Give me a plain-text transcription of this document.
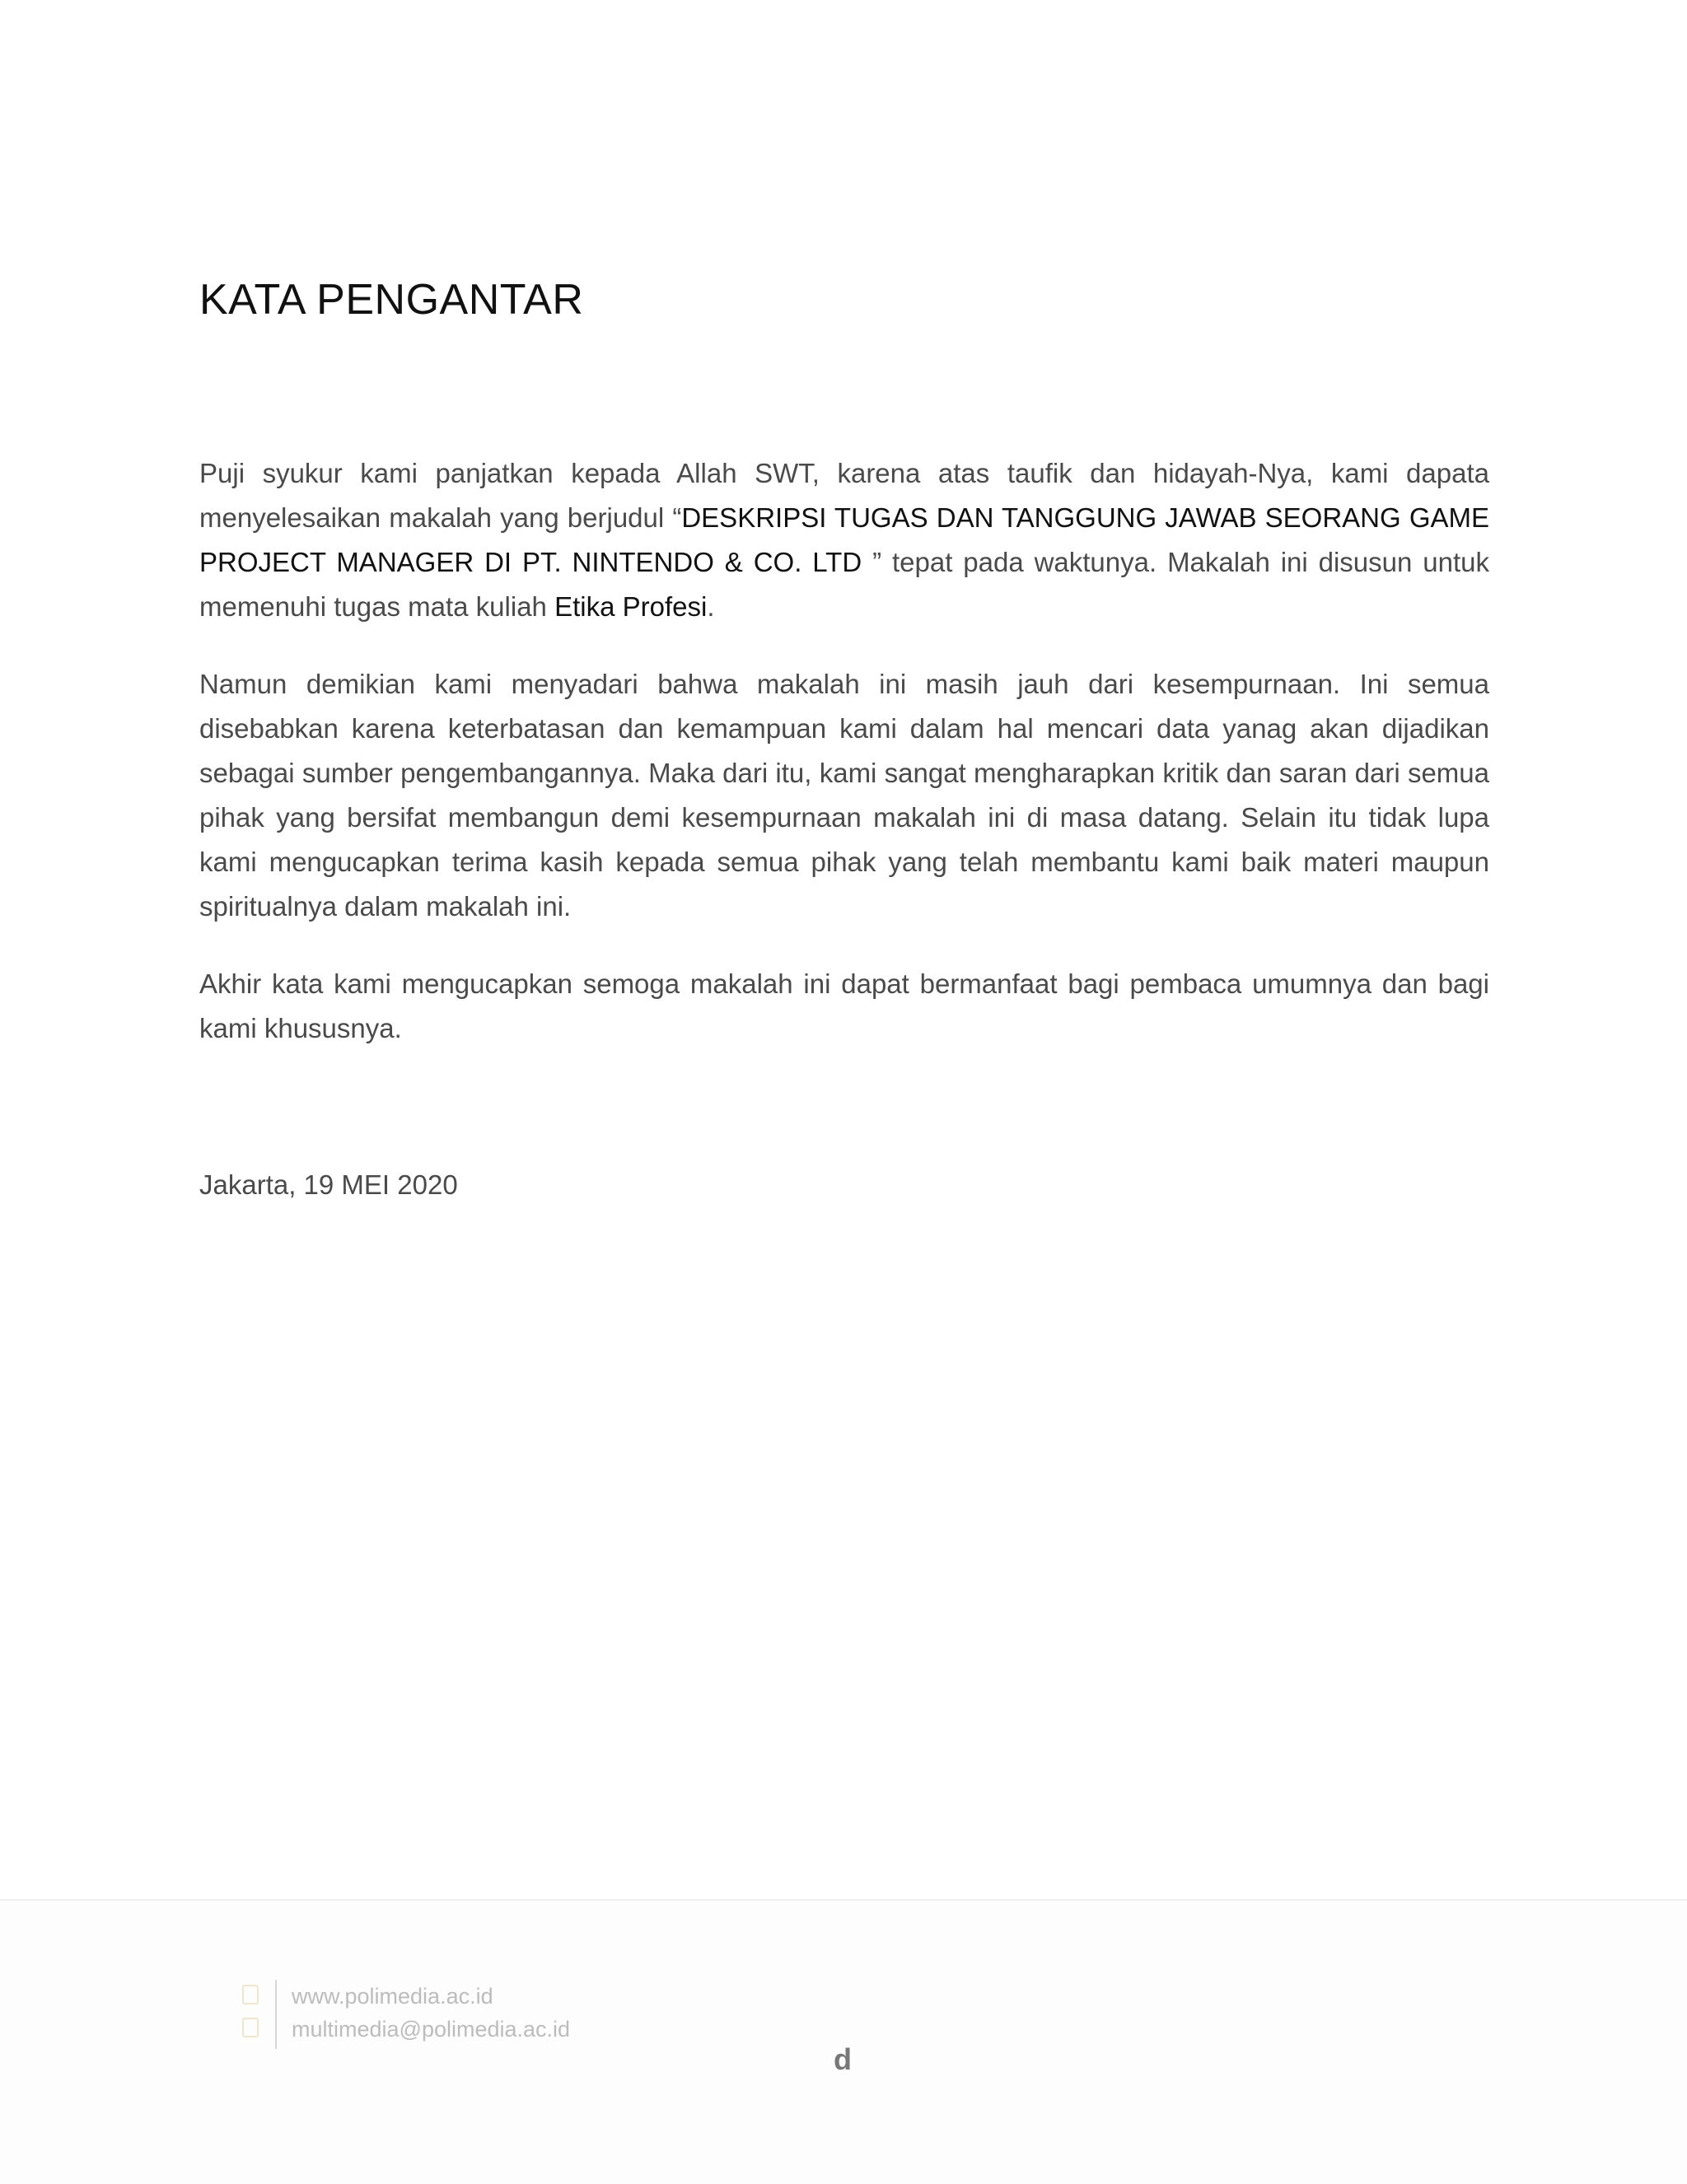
KATA PENGANTAR

Puji syukur kami panjatkan kepada Allah SWT, karena atas taufik dan hidayah-Nya, kami dapata menyelesaikan makalah yang berjudul “DESKRIPSI TUGAS DAN TANGGUNG JAWAB SEORANG GAME PROJECT MANAGER DI PT. NINTENDO & CO. LTD ” tepat pada waktunya. Makalah ini disusun untuk memenuhi tugas mata kuliah Etika Profesi.

Namun demikian kami menyadari bahwa makalah ini masih jauh dari kesempurnaan. Ini semua disebabkan karena keterbatasan dan kemampuan kami dalam hal mencari data yanag akan dijadikan sebagai sumber pengembangannya. Maka dari itu, kami sangat mengharapkan kritik dan saran dari semua pihak yang bersifat membangun demi kesempurnaan makalah ini di masa datang. Selain itu tidak lupa kami mengucapkan terima kasih kepada semua pihak yang telah membantu kami baik materi maupun spiritualnya dalam makalah ini.

Akhir kata kami mengucapkan semoga makalah ini dapat bermanfaat bagi pembaca umumnya dan bagi kami khususnya.

Jakarta, 19 MEI 2020
www.polimedia.ac.id
multimedia@polimedia.ac.id
d
